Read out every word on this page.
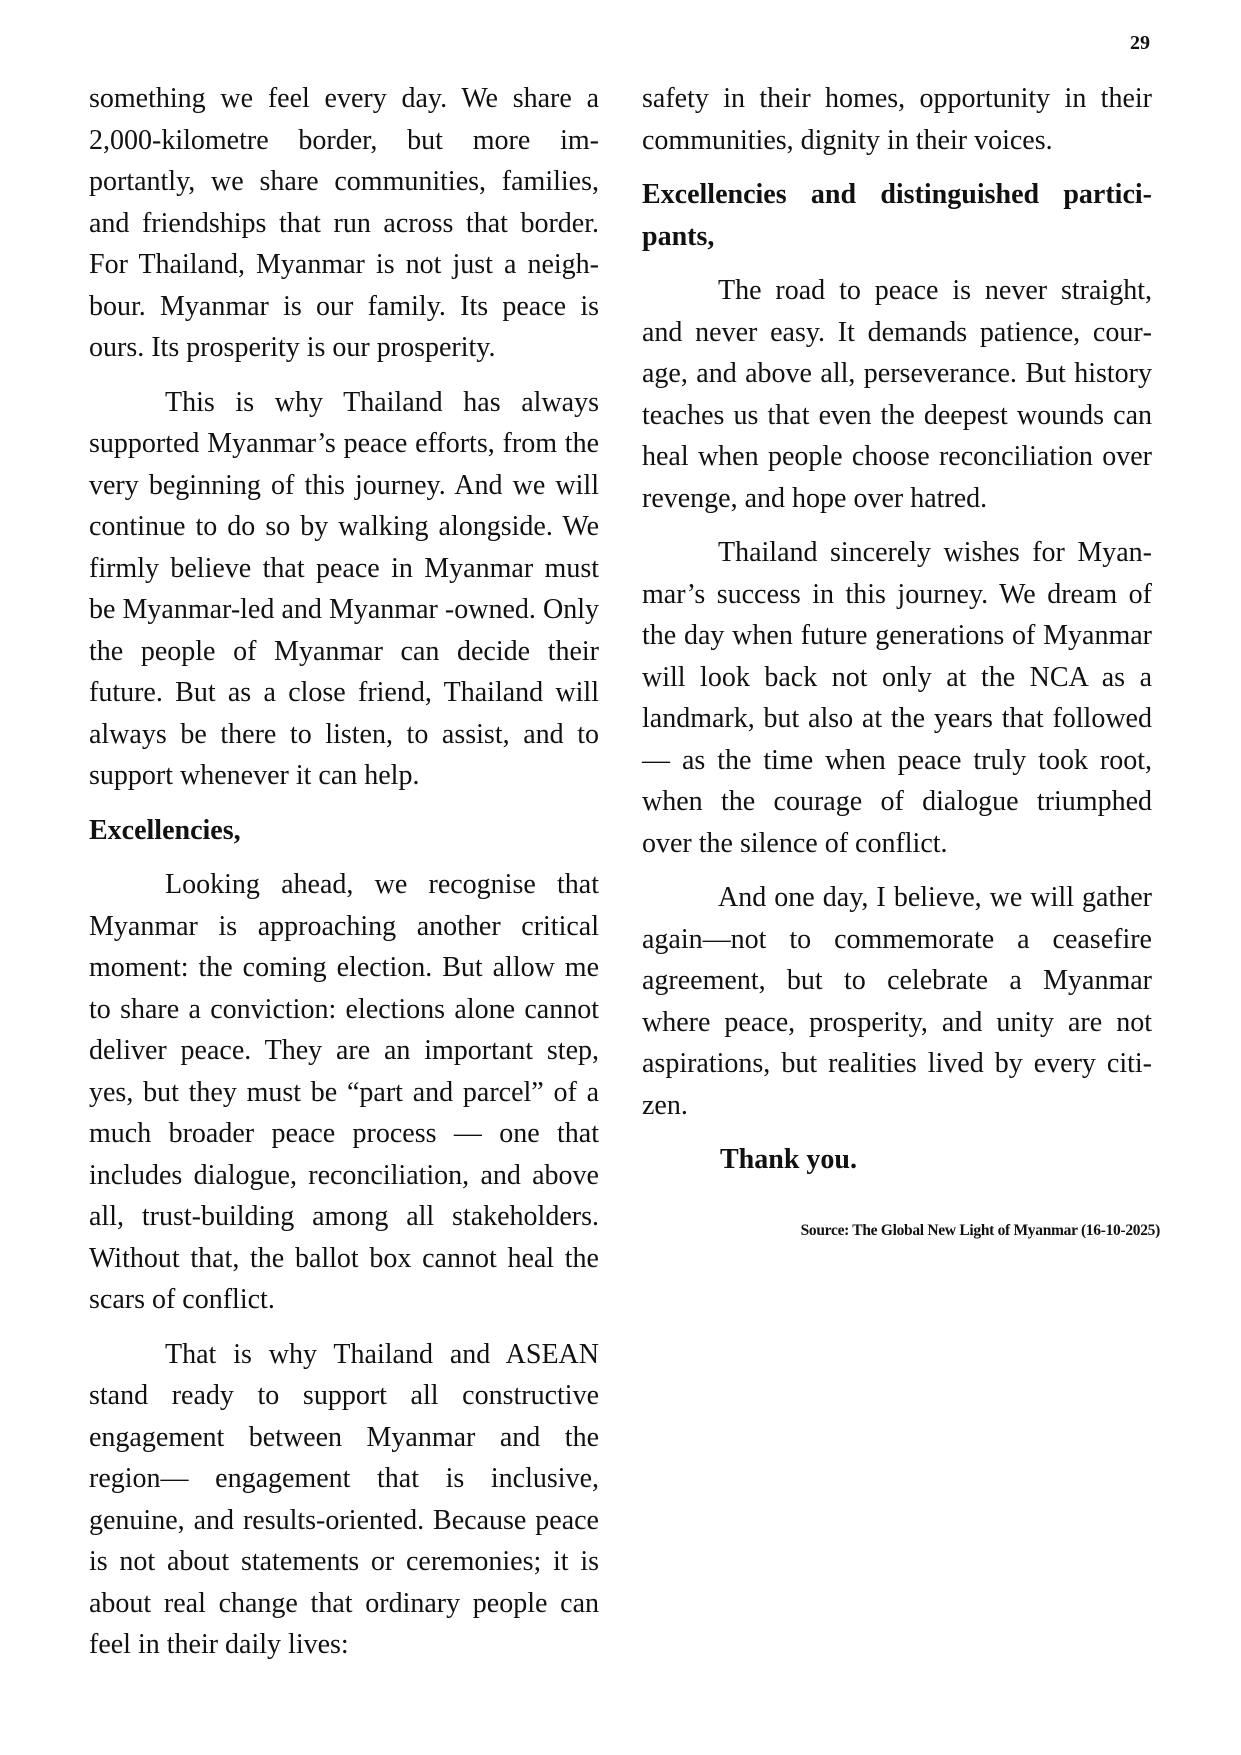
29

something we feel every day. We share a 2,000-kilometre border, but more importantly, we share communities, families, and friendships that run across that border. For Thailand, Myanmar is not just a neighbour. Myanmar is our family. Its peace is ours. Its prosperity is our prosperity.

This is why Thailand has always supported Myanmar’s peace efforts, from the very beginning of this journey. And we will continue to do so by walking alongside. We firmly believe that peace in Myanmar must be Myanmar-led and Myanmar -owned. Only the people of Myanmar can decide their future. But as a close friend, Thailand will always be there to listen, to assist, and to support whenever it can help.

Excellencies,

Looking ahead, we recognise that Myanmar is approaching another critical moment: the coming election. But allow me to share a conviction: elections alone cannot deliver peace. They are an important step, yes, but they must be “part and parcel” of a much broader peace process — one that includes dialogue, reconciliation, and above all, trust-building among all stakeholders. Without that, the ballot box cannot heal the scars of conflict.

That is why Thailand and ASEAN stand ready to support all constructive engagement between Myanmar and the region— engagement that is inclusive, genuine, and results-oriented. Because peace is not about statements or ceremonies; it is about real change that ordinary people can feel in their daily lives:

safety in their homes, opportunity in their communities, dignity in their voices.

Excellencies and distinguished participants,

The road to peace is never straight, and never easy. It demands patience, courage, and above all, perseverance. But history teaches us that even the deepest wounds can heal when people choose reconciliation over revenge, and hope over hatred.

Thailand sincerely wishes for Myanmar’s success in this journey. We dream of the day when future generations of Myanmar will look back not only at the NCA as a landmark, but also at the years that followed— as the time when peace truly took root, when the courage of dialogue triumphed over the silence of conflict.

And one day, I believe, we will gather again—not to commemorate a ceasefire agreement, but to celebrate a Myanmar where peace, prosperity, and unity are not aspirations, but realities lived by every citizen.

Thank you.

Source: The Global New Light of Myanmar (16-10-2025)
